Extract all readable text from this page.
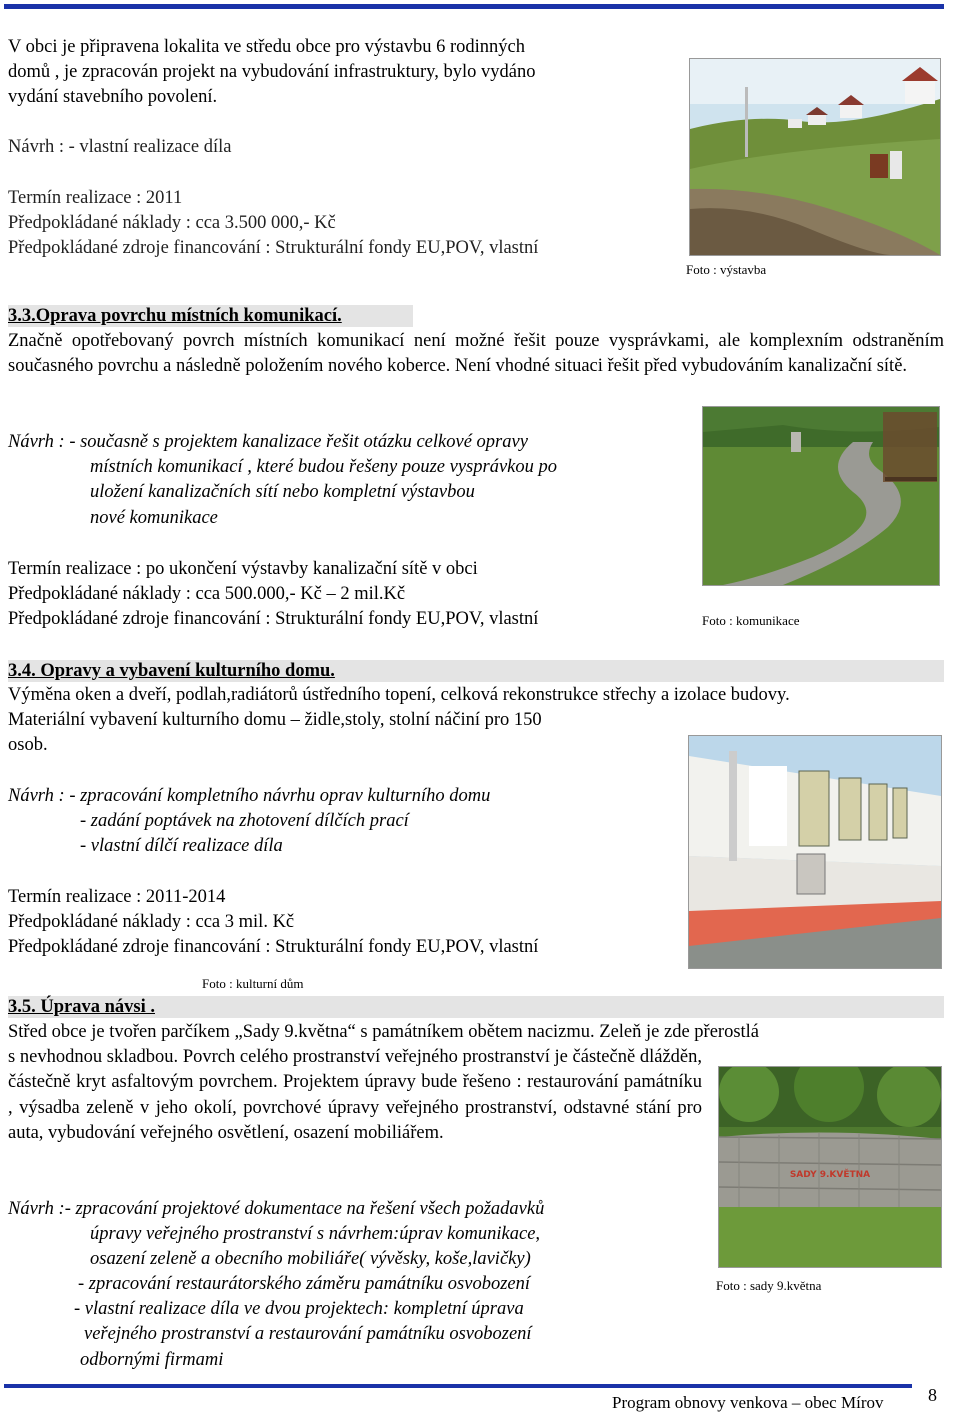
V obci je připravena lokalita ve středu obce pro výstavbu 6 rodinných
domů , je zpracován projekt na vybudování infrastruktury, bylo vydáno
vydání stavebního povolení.
Návrh : - vlastní realizace díla
Termín realizace : 2011
Předpokládané náklady : cca 3.500 000,- Kč
Předpokládané zdroje financování : Strukturální fondy EU,POV, vlastní
Foto : výstavba
3.3.Oprava povrchu místních komunikací.
Značně opotřebovaný povrch místních komunikací není možné řešit pouze vysprávkami, ale komplexním odstraněním současného povrchu a následně položením nového koberce. Není vhodné situaci řešit před vybudováním kanalizační sítě.
Návrh : - současně s projektem kanalizace řešit otázku celkové opravy
místních komunikací , které budou řešeny pouze vysprávkou po
uložení kanalizačních sítí nebo kompletní výstavbou
nové komunikace
Termín realizace : po ukončení výstavby kanalizační sítě v obci
Předpokládané náklady : cca 500.000,- Kč – 2 mil.Kč
Předpokládané zdroje financování : Strukturální fondy EU,POV, vlastní	Foto : komunikace
3.4. Opravy a vybavení kulturního domu.
Výměna oken a dveří, podlah,radiátorů ústředního topení, celková rekonstrukce střechy a izolace budovy.
Materiální vybavení kulturního domu – židle,stoly, stolní náčiní pro 150
osob.
Návrh : - zpracování kompletního návrhu oprav kulturního domu
- zadání poptávek na zhotovení dílčích prací
- vlastní dílčí realizace díla
Termín realizace : 2011-2014
Předpokládané náklady : cca 3 mil. Kč
Předpokládané zdroje financování : Strukturální fondy EU,POV, vlastní
Foto : kulturní dům
3.5. Úprava návsi .
Střed obce je tvořen parčíkem „Sady 9.května“ s památníkem obětem nacizmu. Zeleň je zde přerostlá
s nevhodnou skladbou. Povrch celého prostranství veřejného prostranství je částečně dlážděn, částečně kryt asfaltovým povrchem. Projektem úpravy bude řešeno : restaurování památníku , výsadba zeleně v jeho okolí, povrchové úpravy veřejného prostranství, odstavné stání pro auta, vybudování veřejného osvětlení, osazení mobiliářem.
Návrh :- zpracování projektové dokumentace na řešení všech požadavků
úpravy veřejného prostranství s návrhem:úprav komunikace,
osazení zeleně a obecního mobiliáře( vývěsky, koše,lavičky)
- zpracování restaurátorského záměru památníku osvobození
- vlastní realizace díla ve dvou projektech: kompletní úprava
veřejného prostranství a restaurování památníku osvobození
odbornými firmami
SADY 9.KVĚTNA
Foto : sady 9.května
Program obnovy venkova – obec Mírov 8
